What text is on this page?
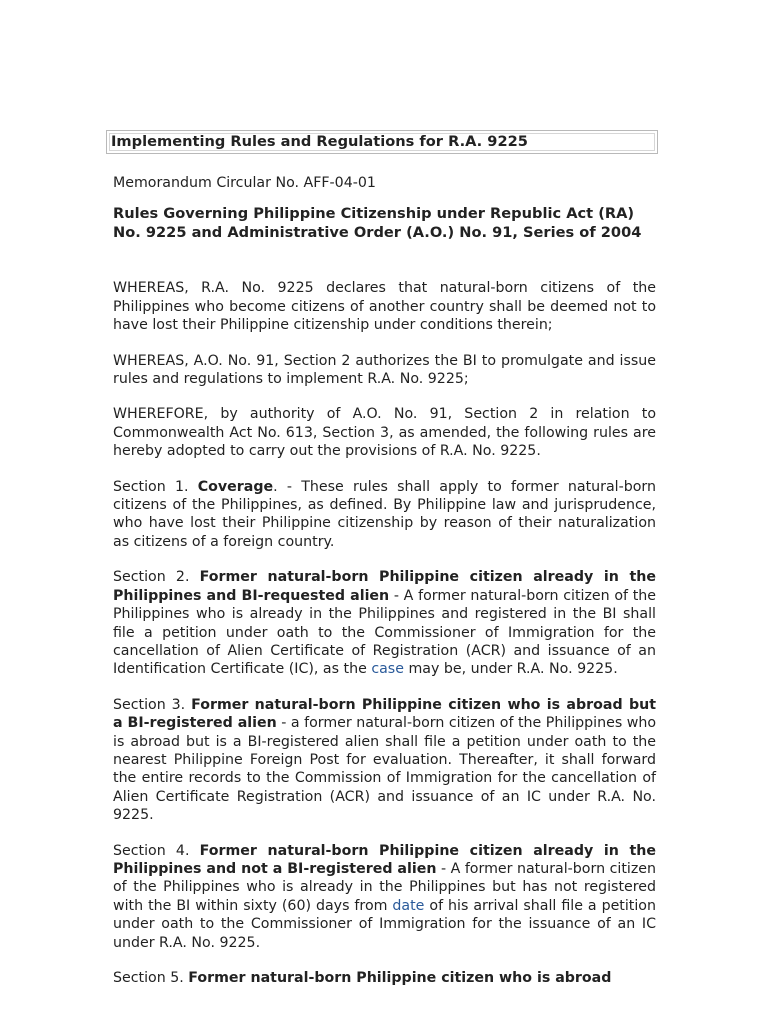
Implementing Rules and Regulations for R.A. 9225
Memorandum Circular No. AFF-04-01
Rules Governing Philippine Citizenship under Republic Act (RA) No. 9225 and Administrative Order (A.O.) No. 91, Series of 2004
WHEREAS, R.A. No. 9225 declares that natural-born citizens of the Philippines who become citizens of another country shall be deemed not to have lost their Philippine citizenship under conditions therein;
WHEREAS, A.O. No. 91, Section 2 authorizes the BI to promulgate and issue rules and regulations to implement R.A. No. 9225;
WHEREFORE, by authority of A.O. No. 91, Section 2 in relation to Commonwealth Act No. 613, Section 3, as amended, the following rules are hereby adopted to carry out the provisions of R.A. No. 9225.
Section 1. Coverage. - These rules shall apply to former natural-born citizens of the Philippines, as defined. By Philippine law and jurisprudence, who have lost their Philippine citizenship by reason of their naturalization as citizens of a foreign country.
Section 2. Former natural-born Philippine citizen already in the Philippines and BI-requested alien - A former natural-born citizen of the Philippines who is already in the Philippines and registered in the BI shall file a petition under oath to the Commissioner of Immigration for the cancellation of Alien Certificate of Registration (ACR) and issuance of an Identification Certificate (IC), as the case may be, under R.A. No. 9225.
Section 3. Former natural-born Philippine citizen who is abroad but a BI-registered alien - a former natural-born citizen of the Philippines who is abroad but is a BI-registered alien shall file a petition under oath to the nearest Philippine Foreign Post for evaluation. Thereafter, it shall forward the entire records to the Commission of Immigration for the cancellation of Alien Certificate Registration (ACR) and issuance of an IC under R.A. No. 9225.
Section 4. Former natural-born Philippine citizen already in the Philippines and not a BI-registered alien - A former natural-born citizen of the Philippines who is already in the Philippines but has not registered with the BI within sixty (60) days from date of his arrival shall file a petition under oath to the Commissioner of Immigration for the issuance of an IC under R.A. No. 9225.
Section 5. Former natural-born Philippine citizen who is abroad
